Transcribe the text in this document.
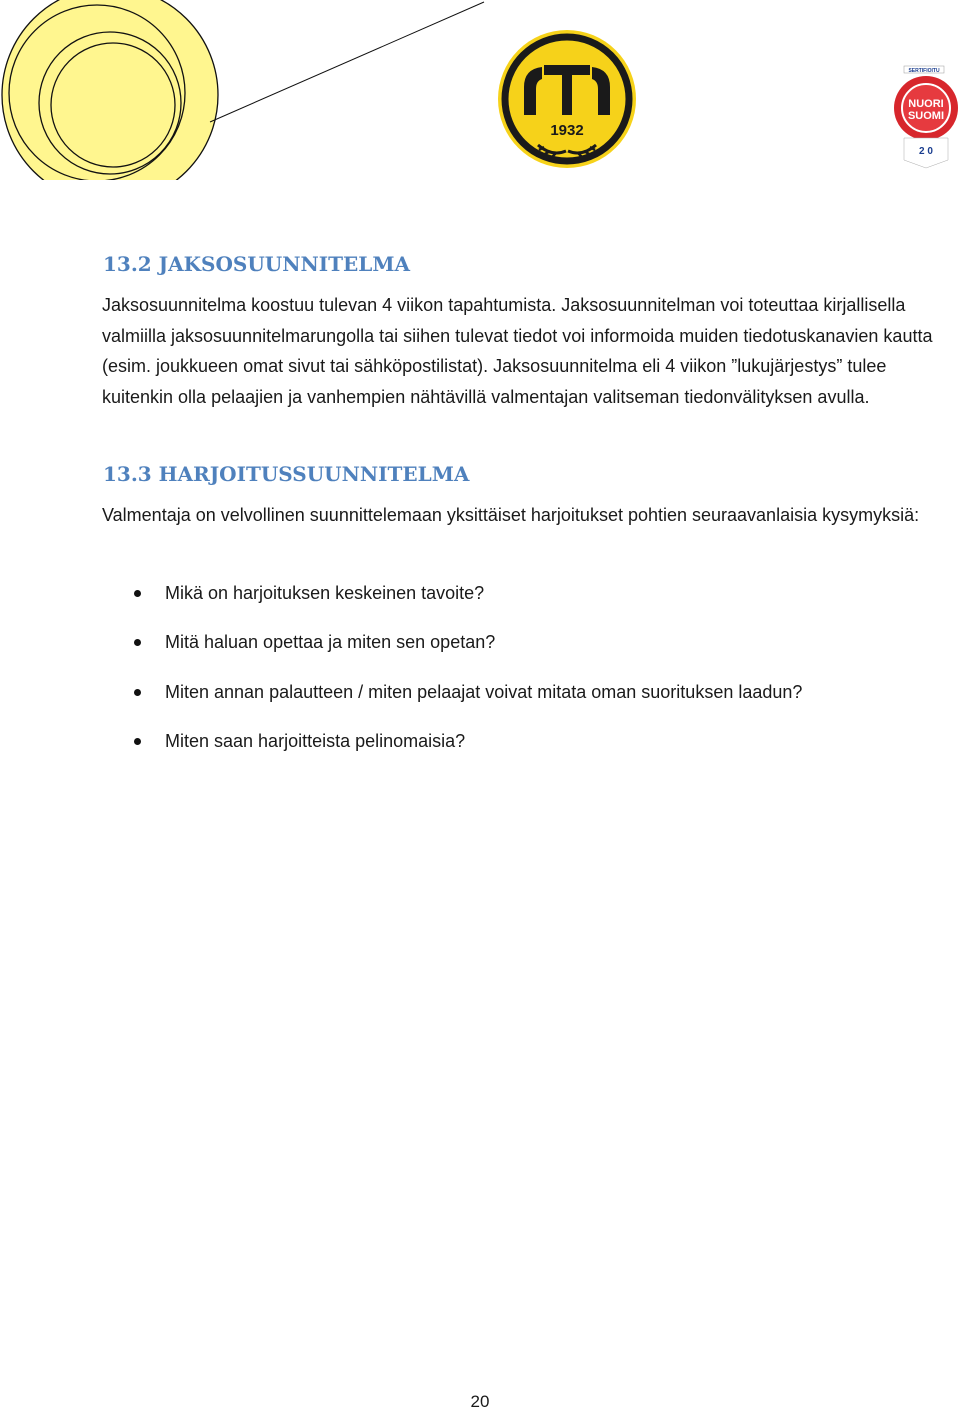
1932
SERTIFIOITU
NUORI
SUOMI
2 0
13.2 JAKSOSUUNNITELMA

Jaksosuunnitelma koostuu tulevan 4 viikon tapahtumista. Jaksosuunnitelman voi toteuttaa kirjallisella valmiilla jaksosuunnitelmarungolla tai siihen tulevat tiedot voi informoida muiden tiedotuskanavien kautta (esim. joukkueen omat sivut tai sähköpostilistat). Jaksosuunnitelma eli 4 viikon ”lukujärjestys” tulee kuitenkin olla pelaajien ja vanhempien nähtävillä valmentajan valitseman tiedonvälityksen avulla.

13.3 HARJOITUSSUUNNITELMA

Valmentaja on velvollinen suunnittelemaan yksittäiset harjoitukset pohtien seuraavanlaisia kysymyksiä:

Mikä on harjoituksen keskeinen tavoite?
Mitä haluan opettaa ja miten sen opetan?
Miten annan palautteen / miten pelaajat voivat mitata oman suorituksen laadun?
Miten saan harjoitteista pelinomaisia?
20
